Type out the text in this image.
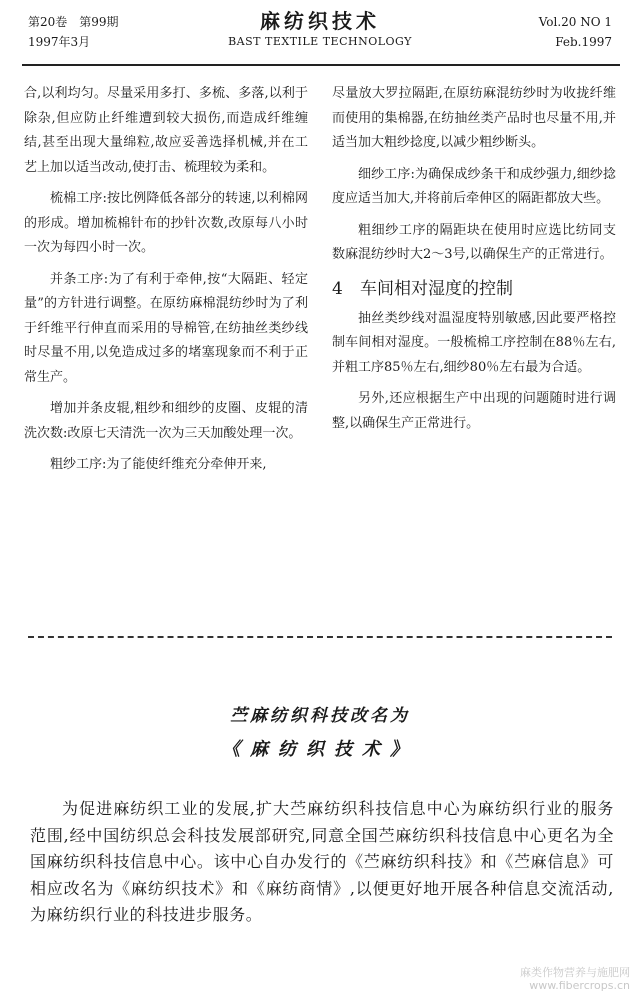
第20卷　第99期
1997年3月
麻纺织技术
BAST TEXTILE TECHNOLOGY
Vol.20 NO 1
Feb.1997

合,以利均匀。尽量采用多打、多梳、多落,以利于除杂,但应防止纤维遭到较大损伤,而造成纤维缠结,甚至出现大量绵粒,故应妥善选择机械,并在工艺上加以适当改动,使打击、梳理较为柔和。

梳棉工序:按比例降低各部分的转速,以利棉网的形成。增加梳棉针布的抄针次数,改原每八小时一次为每四小时一次。

并条工序:为了有利于牵伸,按“大隔距、轻定量”的方针进行调整。在原纺麻棉混纺纱时为了利于纤维平行伸直而采用的导棉管,在纺抽丝类纱线时尽量不用,以免造成过多的堵塞现象而不利于正常生产。

增加并条皮辊,粗纱和细纱的皮圈、皮辊的清洗次数:改原七天清洗一次为三天加酸处理一次。

粗纱工序:为了能使纤维充分牵伸开来,

尽量放大罗拉隔距,在原纺麻混纺纱时为收拢纤维而使用的集棉器,在纺抽丝类产品时也尽量不用,并适当加大粗纱捻度,以减少粗纱断头。

细纱工序:为确保成纱条干和成纱强力,细纱捻度应适当加大,并将前后牵伸区的隔距都放大些。

粗细纱工序的隔距块在使用时应选比纺同支数麻混纺纱时大2～3号,以确保生产的正常进行。

4 车间相对湿度的控制

抽丝类纱线对温湿度特别敏感,因此要严格控制车间相对湿度。一般梳棉工序控制在88％左右,并粗工序85％左右,细纱80％左右最为合适。

另外,还应根据生产中出现的问题随时进行调整,以确保生产正常进行。

苎麻纺织科技改名为
《麻纺织技术》
为促进麻纺织工业的发展,扩大苎麻纺织科技信息中心为麻纺织行业的服务范围,经中国纺织总会科技发展部研究,同意全国苎麻纺织科技信息中心更名为全国麻纺织科技信息中心。该中心自办发行的《苎麻纺织科技》和《苎麻信息》可相应改名为《麻纺织技术》和《麻纺商情》,以便更好地开展各种信息交流活动,为麻纺织行业的科技进步服务。
麻类作物营养与施肥网
www.fibercrops.cn
